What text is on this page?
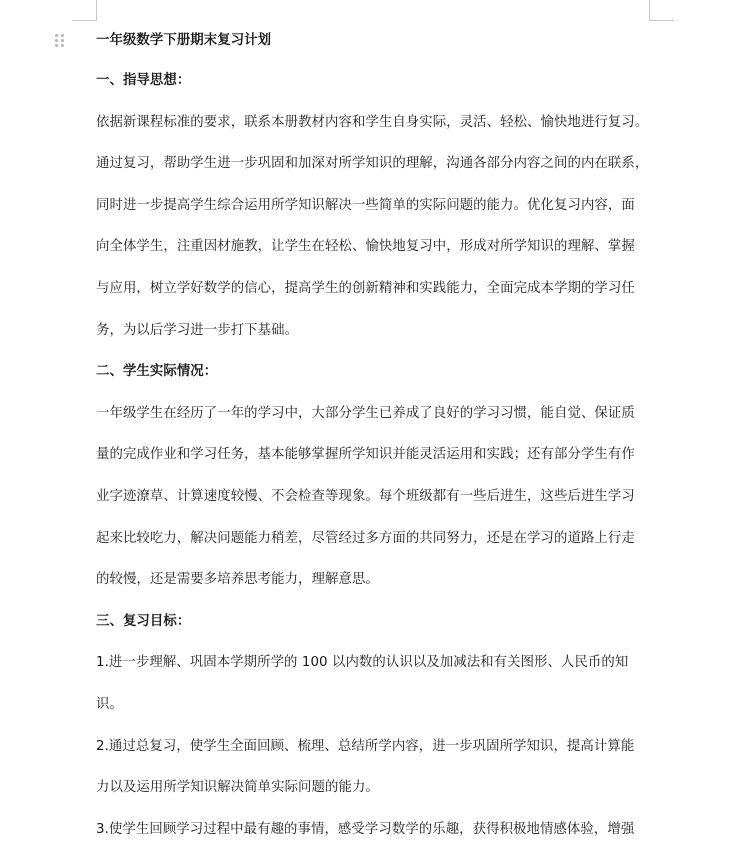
一年级数学下册期末复习计划
一、指导思想：
依据新课程标准的要求，联系本册教材内容和学生自身实际，灵活、轻松、愉快地进行复习。
通过复习，帮助学生进一步巩固和加深对所学知识的理解，沟通各部分内容之间的内在联系，
同时进一步提高学生综合运用所学知识解决一些简单的实际问题的能力。优化复习内容，面
向全体学生，注重因材施教，让学生在轻松、愉快地复习中，形成对所学知识的理解、掌握
与应用，树立学好数学的信心，提高学生的创新精神和实践能力，全面完成本学期的学习任
务，为以后学习进一步打下基础。
二、学生实际情况：
一年级学生在经历了一年的学习中，大部分学生已养成了良好的学习习惯，能自觉、保证质
量的完成作业和学习任务，基本能够掌握所学知识并能灵活运用和实践；还有部分学生有作
业字迹潦草、计算速度较慢、不会检查等现象。每个班级都有一些后进生，这些后进生学习
起来比较吃力，解决问题能力稍差，尽管经过多方面的共同努力，还是在学习的道路上行走
的较慢，还是需要多培养思考能力，理解意思。
三、复习目标：
1.进一步理解、巩固本学期所学的 100 以内数的认识以及加减法和有关图形、人民币的知
识。
2.通过总复习，使学生全面回顾、梳理、总结所学内容，进一步巩固所学知识，提高计算能
力以及运用所学知识解决简单实际问题的能力。
3.使学生回顾学习过程中最有趣的事情，感受学习数学的乐趣，获得积极地情感体验，增强
